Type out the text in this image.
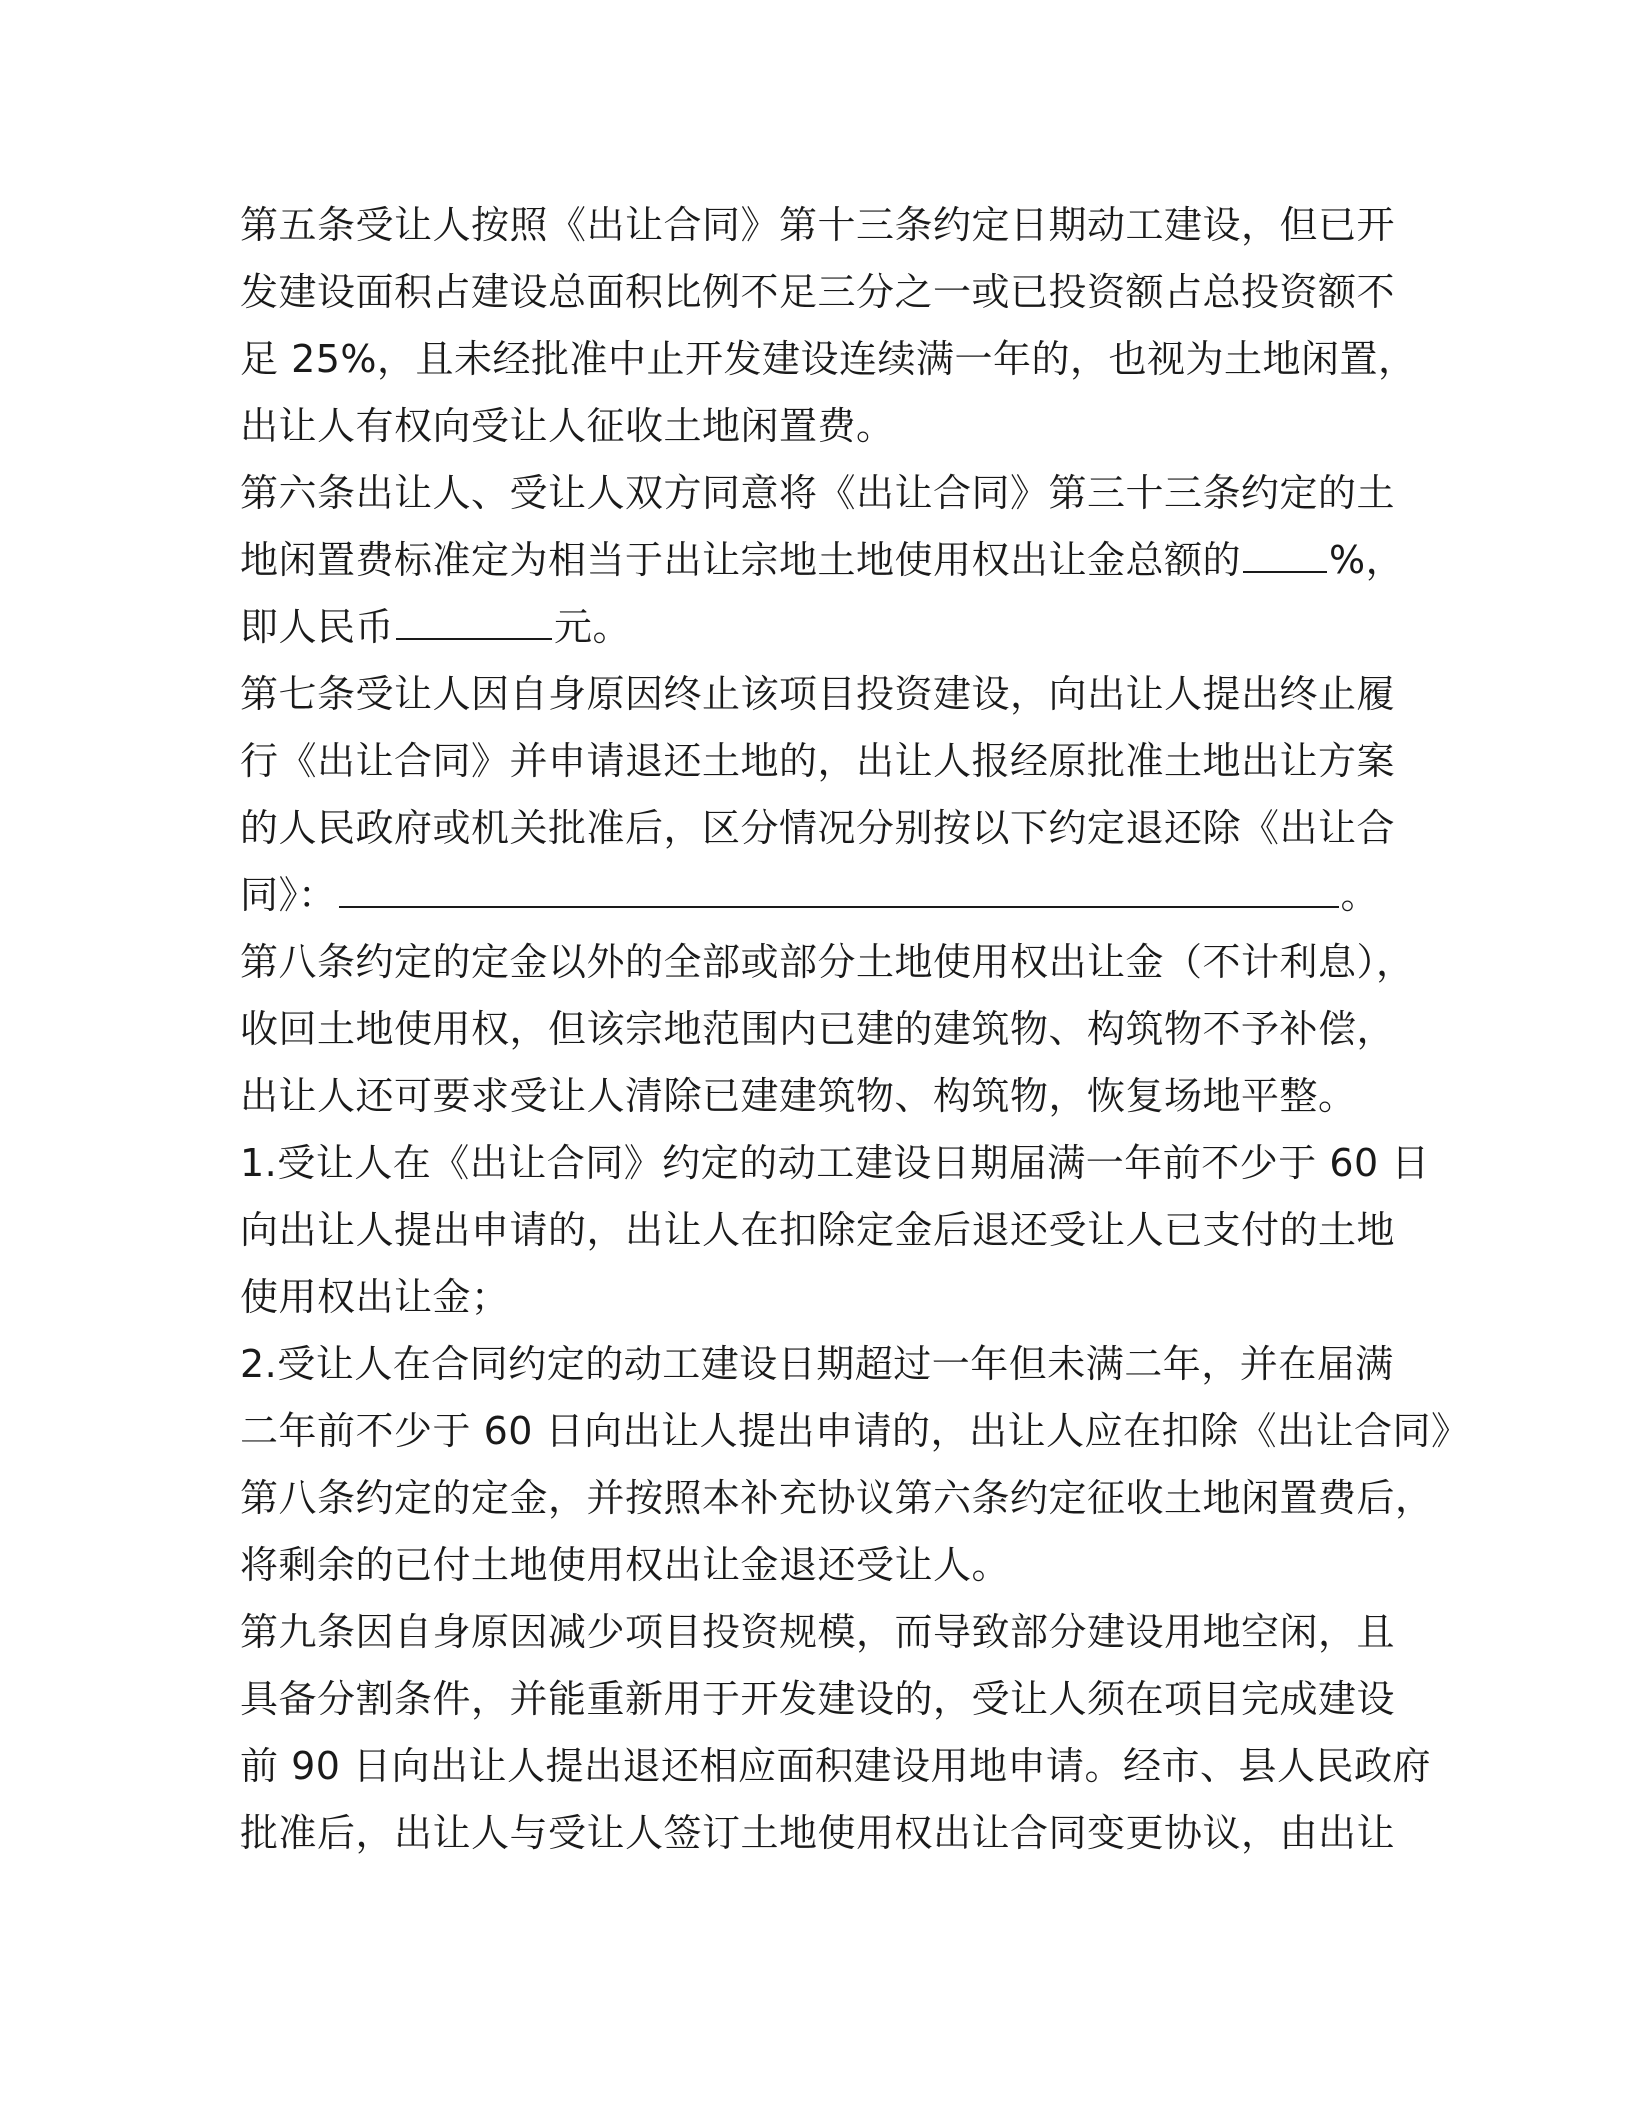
第五条受让人按照《出让合同》第十三条约定日期动工建设，但已开
发建设面积占建设总面积比例不足三分之一或已投资额占总投资额不
足 25%，且未经批准中止开发建设连续满一年的，也视为土地闲置，
出让人有权向受让人征收土地闲置费。
第六条出让人、受让人双方同意将《出让合同》第三十三条约定的土
地闲置费标准定为相当于出让宗地土地使用权出让金总额的 %，
即人民币	元。
第七条受让人因自身原因终止该项目投资建设，向出让人提出终止履
行《出让合同》并申请退还土地的，出让人报经原批准土地出让方案
的人民政府或机关批准后，区分情况分别按以下约定退还除《出让合
同》：	。
第八条约定的定金以外的全部或部分土地使用权出让金（不计利息），
收回土地使用权，但该宗地范围内已建的建筑物、构筑物不予补偿，
出让人还可要求受让人清除已建建筑物、构筑物，恢复场地平整。
1.受让人在《出让合同》约定的动工建设日期届满一年前不少于 60 日
向出让人提出申请的，出让人在扣除定金后退还受让人已支付的土地
使用权出让金；
2.受让人在合同约定的动工建设日期超过一年但未满二年，并在届满
二年前不少于 60 日向出让人提出申请的，出让人应在扣除《出让合同》
第八条约定的定金，并按照本补充协议第六条约定征收土地闲置费后，
将剩余的已付土地使用权出让金退还受让人。
第九条因自身原因减少项目投资规模，而导致部分建设用地空闲，且
具备分割条件，并能重新用于开发建设的，受让人须在项目完成建设
前 90 日向出让人提出退还相应面积建设用地申请。经市、县人民政府
批准后，出让人与受让人签订土地使用权出让合同变更协议，由出让
